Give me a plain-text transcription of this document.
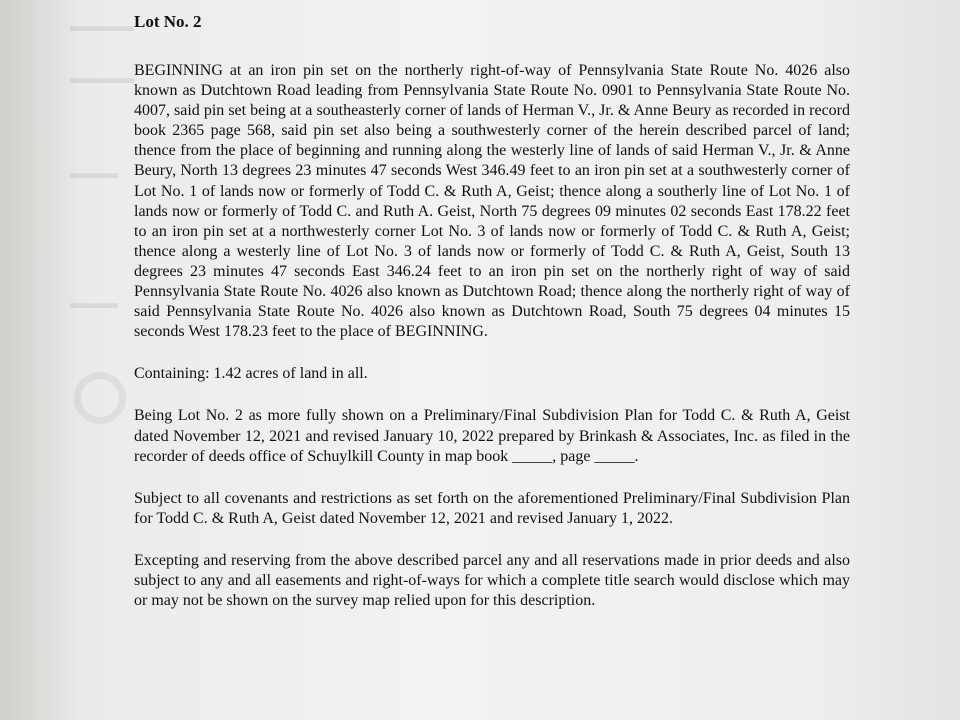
▬▬▬▬
▬▬▬▬
▬▬▬
▬▬▬
Lot No. 2

BEGINNING at an iron pin set on the northerly right-of-way of Pennsylvania State Route No. 4026 also known as Dutchtown Road leading from Pennsylvania State Route No. 0901 to Pennsylvania State Route No. 4007, said pin set being at a southeasterly corner of lands of Herman V., Jr. & Anne Beury as recorded in record book 2365 page 568, said pin set also being a southwesterly corner of the herein described parcel of land; thence from the place of beginning and running along the westerly line of lands of said Herman V., Jr. & Anne Beury, North 13 degrees 23 minutes 47 seconds West 346.49 feet to an iron pin set at a southwesterly corner of Lot No. 1 of lands now or formerly of Todd C. & Ruth A, Geist; thence along a southerly line of Lot No. 1 of lands now or formerly of Todd C. and Ruth A. Geist, North 75 degrees 09 minutes 02 seconds East 178.22 feet to an iron pin set at a northwesterly corner Lot No. 3 of lands now or formerly of Todd C. & Ruth A, Geist; thence along a westerly line of Lot No. 3 of lands now or formerly of Todd C. & Ruth A, Geist, South 13 degrees 23 minutes 47 seconds East 346.24 feet to an iron pin set on the northerly right of way of said Pennsylvania State Route No. 4026 also known as Dutchtown Road; thence along the northerly right of way of said Pennsylvania State Route No. 4026 also known as Dutchtown Road, South 75 degrees 04 minutes 15 seconds West 178.23 feet to the place of BEGINNING.

Containing: 1.42 acres of land in all.

Being Lot No. 2 as more fully shown on a Preliminary/Final Subdivision Plan for Todd C. & Ruth A, Geist dated November 12, 2021 and revised January 10, 2022 prepared by Brinkash & Associates, Inc. as filed in the recorder of deeds office of Schuylkill County in map book _____, page _____.

Subject to all covenants and restrictions as set forth on the aforementioned Preliminary/Final Subdivision Plan for Todd C. & Ruth A, Geist dated November 12, 2021 and revised January 1, 2022.

Excepting and reserving from the above described parcel any and all reservations made in prior deeds and also subject to any and all easements and right-of-ways for which a complete title search would disclose which may or may not be shown on the survey map relied upon for this description.
